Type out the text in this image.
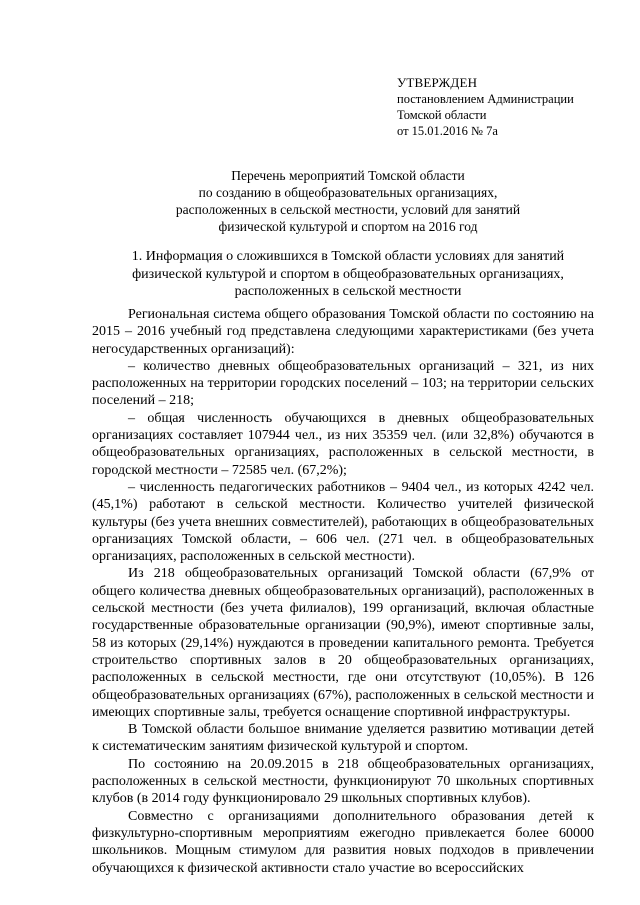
УТВЕРЖДЕН
постановлением Администрации
Томской области
от 15.01.2016 № 7а
Перечень мероприятий Томской области
по созданию в общеобразовательных организациях,
расположенных в сельской местности, условий для занятий
физической культурой и спортом на 2016 год
1. Информация о сложившихся в Томской области условиях для занятий
физической культурой и спортом в общеобразовательных организациях,
расположенных в сельской местности

Региональная система общего образования Томской области по состоянию на 2015 – 2016 учебный год представлена следующими характеристиками (без учета негосударственных организаций):

– количество дневных общеобразовательных организаций – 321, из них расположенных на территории городских поселений – 103; на территории сельских поселений – 218;

– общая численность обучающихся в дневных общеобразовательных организациях составляет 107944 чел., из них 35359 чел. (или 32,8%) обучаются в общеобразовательных организациях, расположенных в сельской местности, в городской местности – 72585 чел. (67,2%);

– численность педагогических работников – 9404 чел., из которых 4242 чел. (45,1%) работают в сельской местности. Количество учителей физической культуры (без учета внешних совместителей), работающих в общеобразовательных организациях Томской области, – 606 чел. (271 чел. в общеобразовательных организациях, расположенных в сельской местности).

Из 218 общеобразовательных организаций Томской области (67,9% от общего количества дневных общеобразовательных организаций), расположенных в сельской местности (без учета филиалов), 199 организаций, включая областные государственные образовательные организации (90,9%), имеют спортивные залы, 58 из которых (29,14%) нуждаются в проведении капитального ремонта. Требуется строительство спортивных залов в 20 общеобразовательных организациях, расположенных в сельской местности, где они отсутствуют (10,05%). В 126 общеобразовательных организациях (67%), расположенных в сельской местности и имеющих спортивные залы, требуется оснащение спортивной инфраструктуры.

В Томской области большое внимание уделяется развитию мотивации детей к систематическим занятиям физической культурой и спортом.

По состоянию на 20.09.2015 в 218 общеобразовательных организациях, расположенных в сельской местности, функционируют 70 школьных спортивных клубов (в 2014 году функционировало 29 школьных спортивных клубов).

Совместно с организациями дополнительного образования детей к физкультурно-спортивным мероприятиям ежегодно привлекается более 60000 школьников. Мощным стимулом для развития новых подходов в привлечении обучающихся к физической активности стало участие во всероссийских
